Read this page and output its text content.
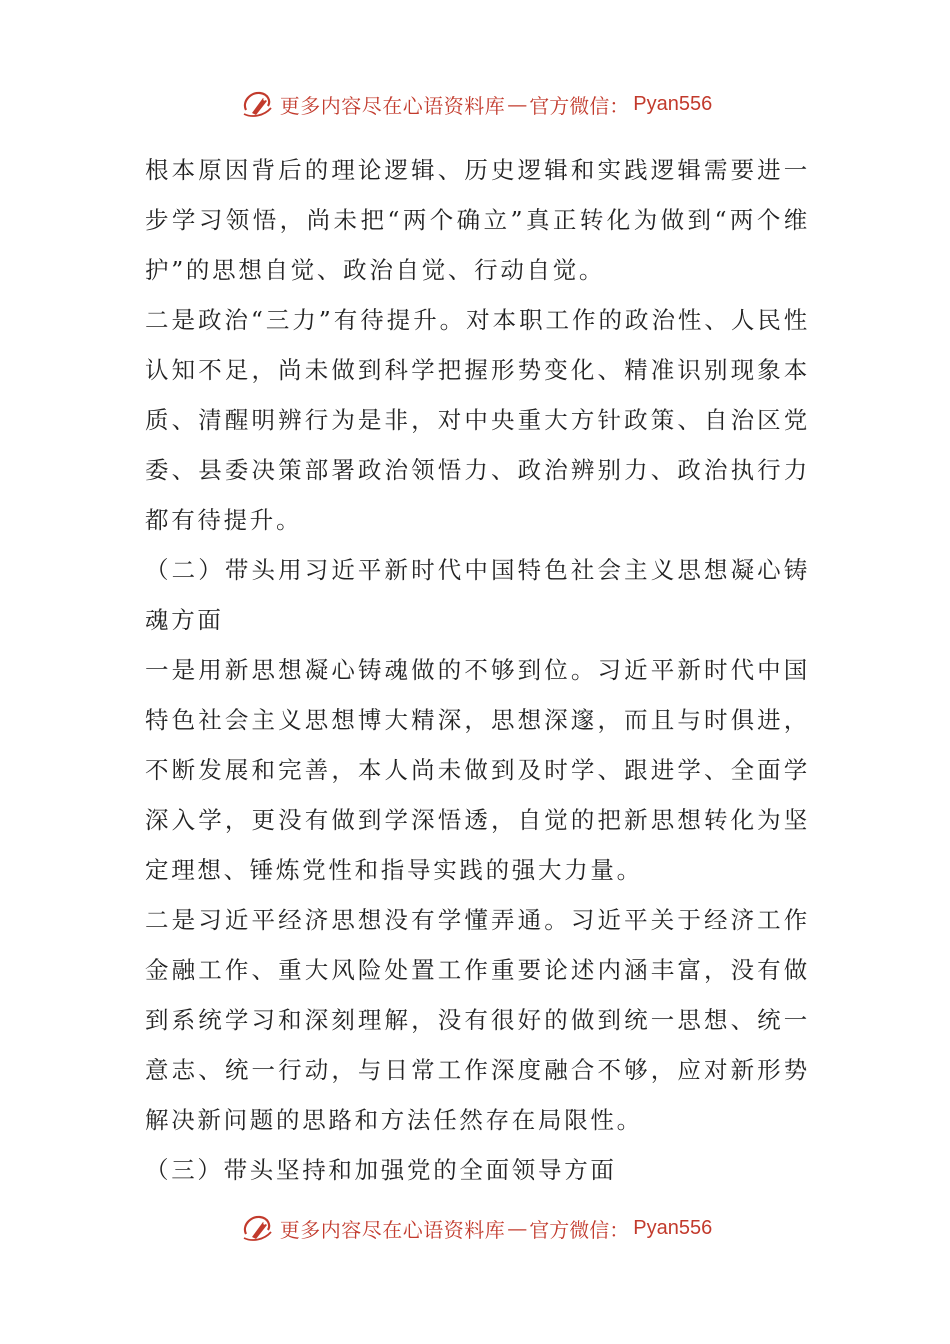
更多内容尽在心语资料库 — 官方微信： Pyan556

根本原因背后的理论逻辑、历史逻辑和实践逻辑需要进一步学习领悟，尚未把“两个确立”真正转化为做到“两个维护”的思想自觉、政治自觉、行动自觉。

二是政治“三力”有待提升。对本职工作的政治性、人民性认知不足，尚未做到科学把握形势变化、精准识别现象本质、清醒明辨行为是非，对中央重大方针政策、自治区党委、县委决策部署政治领悟力、政治辨别力、政治执行力都有待提升。

（二）带头用习近平新时代中国特色社会主义思想凝心铸魂方面

一是用新思想凝心铸魂做的不够到位。习近平新时代中国特色社会主义思想博大精深，思想深邃，而且与时俱进，不断发展和完善，本人尚未做到及时学、跟进学、全面学深入学，更没有做到学深悟透，自觉的把新思想转化为坚定理想、锤炼党性和指导实践的强大力量。

二是习近平经济思想没有学懂弄通。习近平关于经济工作金融工作、重大风险处置工作重要论述内涵丰富，没有做到系统学习和深刻理解，没有很好的做到统一思想、统一意志、统一行动，与日常工作深度融合不够，应对新形势解决新问题的思路和方法任然存在局限性。

（三）带头坚持和加强党的全面领导方面

更多内容尽在心语资料库 — 官方微信： Pyan556
